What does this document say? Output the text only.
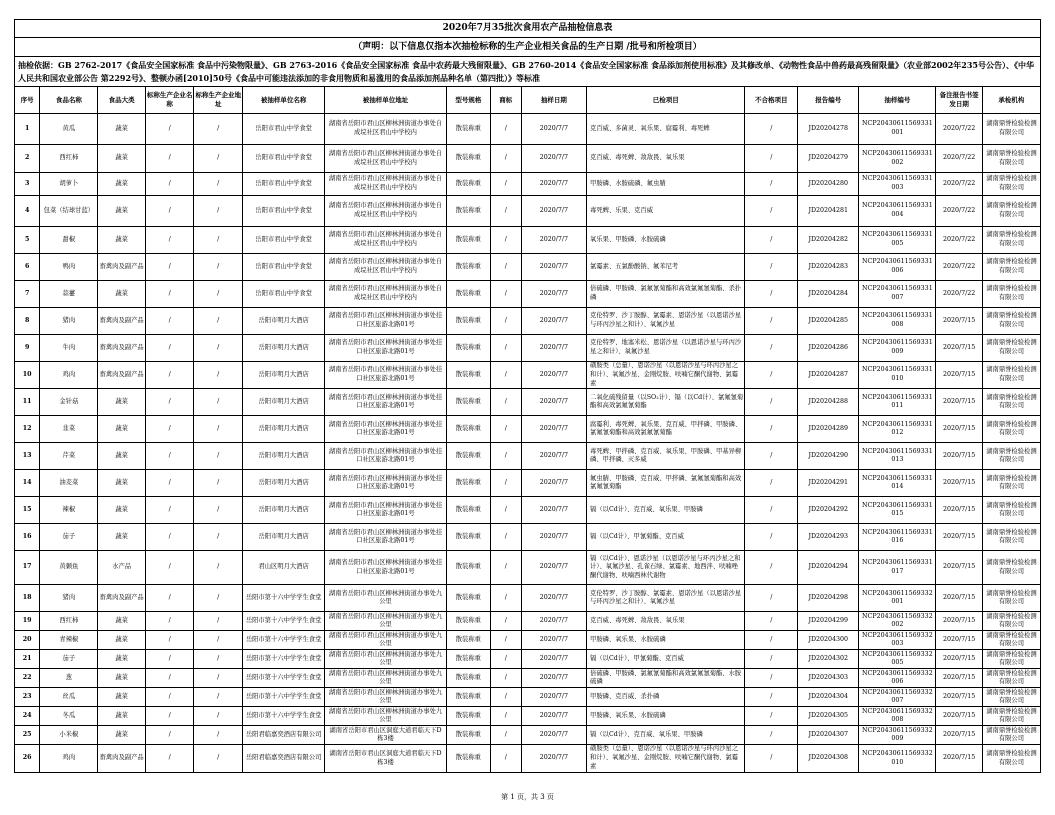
2020年7月35批次食用农产品抽检信息表
（声明：以下信息仅指本次抽检标称的生产企业相关食品的生产日期 /批号和所检项目）
抽检依据：GB 2762-2017《食品安全国家标准 食品中污染物限量》、GB 2763-2016《食品安全国家标准 食品中农药最大残留限量》、GB 2760-2014《食品安全国家标准 食品添加剂使用标准》及其修改单、《动物性食品中兽药最高残留限量》（农业部2002年235号公告）、《中华人民共和国农业部公告 第2292号》、整顿办函[2010]50号《食品中可能违法添加的非食用物质和易滥用的食品添加剂品种名单（第四批）》等标准
序号	食品名称	食品大类	标称生产企业名称	标称生产企业地址	被抽样单位名称	被抽样单位地址	型号规格	商标	抽样日期	已检项目	不合格项目	报告编号	抽样编号	备注报告书签发日期	承检机构
1	黄瓜	蔬菜	/	/	岳阳市君山中学食堂	湖南省岳阳市君山区柳林洲街道办事处自成垸社区君山中学校内	散装称重	/	2020/7/7	克百威、多菌灵、氧乐果、腐霉利、毒死蜱	/	JD20204278	NCP20430611569331001	2020/7/22	湖南鼎誉检验检测有限公司
2	西红柿	蔬菜	/	/	岳阳市君山中学食堂	湖南省岳阳市君山区柳林洲街道办事处自成垸社区君山中学校内	散装称重	/	2020/7/7	克百威、毒死蜱、敌敌畏、氧乐果	/	JD20204279	NCP20430611569331002	2020/7/22	湖南鼎誉检验检测有限公司
3	胡萝卜	蔬菜	/	/	岳阳市君山中学食堂	湖南省岳阳市君山区柳林洲街道办事处自成垸社区君山中学校内	散装称重	/	2020/7/7	甲胺磷、水胺硫磷、氟虫腈	/	JD20204280	NCP20430611569331003	2020/7/22	湖南鼎誉检验检测有限公司
4	包菜（结球甘蓝）	蔬菜	/	/	岳阳市君山中学食堂	湖南省岳阳市君山区柳林洲街道办事处自成垸社区君山中学校内	散装称重	/	2020/7/7	毒死蜱、乐果、克百威	/	JD20204281	NCP20430611569331004	2020/7/22	湖南鼎誉检验检测有限公司
5	甜椒	蔬菜	/	/	岳阳市君山中学食堂	湖南省岳阳市君山区柳林洲街道办事处自成垸社区君山中学校内	散装称重	/	2020/7/7	氧乐果、甲胺磷、水胺硫磷	/	JD20204282	NCP20430611569331005	2020/7/22	湖南鼎誉检验检测有限公司
6	鸭肉	畜禽肉及副产品	/	/	岳阳市君山中学食堂	湖南省岳阳市君山区柳林洲街道办事处自成垸社区君山中学校内	散装称重	/	2020/7/7	氯霉素、五氯酚酸钠、氟苯尼考	/	JD20204283	NCP20430611569331006	2020/7/22	湖南鼎誉检验检测有限公司
7	蒜薹	蔬菜	/	/	岳阳市君山中学食堂	湖南省岳阳市君山区柳林洲街道办事处自成垸社区君山中学校内	散装称重	/	2020/7/7	倍硫磷、甲胺磷、氯氟氰菊酯和高效氯氟氰菊酯、杀扑磷	/	JD20204284	NCP20430611569331007	2020/7/22	湖南鼎誉检验检测有限公司
8	猪肉	畜禽肉及副产品	/	/	岳阳市明月大酒店	湖南省岳阳市君山区柳林洲街道办事处挂口社区旅游北路01号	散装称重	/	2020/7/7	克伦特罗、沙丁胺醇、氯霉素、恩诺沙星（以恩诺沙星与环丙沙星之和计）、氧氟沙星	/	JD20204285	NCP20430611569331008	2020/7/15	湖南鼎誉检验检测有限公司
9	牛肉	畜禽肉及副产品	/	/	岳阳市明月大酒店	湖南省岳阳市君山区柳林洲街道办事处挂口社区旅游北路01号	散装称重	/	2020/7/7	克伦特罗、地塞米松、恩诺沙星（以恩诺沙星与环丙沙星之和计）、氧氟沙星	/	JD20204286	NCP20430611569331009	2020/7/15	湖南鼎誉检验检测有限公司
10	鸡肉	畜禽肉及副产品	/	/	岳阳市明月大酒店	湖南省岳阳市君山区柳林洲街道办事处挂口社区旅游北路01号	散装称重	/	2020/7/7	磺胺类（总量）、恩诺沙星（以恩诺沙星与环丙沙星之和计）、氧氟沙星、金刚烷胺、呋喃它酮代谢物、氯霉素	/	JD20204287	NCP20430611569331010	2020/7/15	湖南鼎誉检验检测有限公司
11	金针菇	蔬菜	/	/	岳阳市明月大酒店	湖南省岳阳市君山区柳林洲街道办事处挂口社区旅游北路01号	散装称重	/	2020/7/7	二氧化硫残留量（以SO₂计）、镉（以Cd计）、氯氟氰菊酯和高效氯氟氰菊酯	/	JD20204288	NCP20430611569331011	2020/7/15	湖南鼎誉检验检测有限公司
12	韭菜	蔬菜	/	/	岳阳市明月大酒店	湖南省岳阳市君山区柳林洲街道办事处挂口社区旅游北路01号	散装称重	/	2020/7/7	腐霉利、毒死蜱、氧乐果、克百威、甲拌磷、甲胺磷、氯氟氰菊酯和高效氯氟氰菊酯	/	JD20204289	NCP20430611569331012	2020/7/15	湖南鼎誉检验检测有限公司
13	芹菜	蔬菜	/	/	岳阳市明月大酒店	湖南省岳阳市君山区柳林洲街道办事处挂口社区旅游北路01号	散装称重	/	2020/7/7	毒死蜱、甲拌磷、克百威、氧乐果、甲胺磷、甲基异柳磷、甲拌磷、灭多威	/	JD20204290	NCP20430611569331013	2020/7/15	湖南鼎誉检验检测有限公司
14	油麦菜	蔬菜	/	/	岳阳市明月大酒店	湖南省岳阳市君山区柳林洲街道办事处挂口社区旅游北路01号	散装称重	/	2020/7/7	氟虫腈、甲胺磷、克百威、甲拌磷、氯氟氰菊酯和高效氯氟氰菊酯	/	JD20204291	NCP20430611569331014	2020/7/15	湖南鼎誉检验检测有限公司
15	辣椒	蔬菜	/	/	岳阳市明月大酒店	湖南省岳阳市君山区柳林洲街道办事处挂口社区旅游北路01号	散装称重	/	2020/7/7	镉（以Cd计）、克百威、氧乐果、甲胺磷	/	JD20204292	NCP20430611569331015	2020/7/15	湖南鼎誉检验检测有限公司
16	茄子	蔬菜	/	/	岳阳市明月大酒店	湖南省岳阳市君山区柳林洲街道办事处挂口社区旅游北路01号	散装称重	/	2020/7/7	镉（以Cd计）、甲氰菊酯、克百威	/	JD20204293	NCP20430611569331016	2020/7/15	湖南鼎誉检验检测有限公司
17	黄颡鱼	水产品	/	/	君山区明月大酒店	湖南省岳阳市君山区柳林洲街道办事处挂口社区旅游北路01号	散装称重	/	2020/7/7	镉（以Cd计）、恩诺沙星（以恩诺沙星与环丙沙星之和计）、氧氟沙星、孔雀石绿、氯霉素、地西泮、呋喃唑酮代谢物、呋喃西林代谢物	/	JD20204294	NCP20430611569331017	2020/7/15	湖南鼎誉检验检测有限公司
18	猪肉	畜禽肉及副产品	/	/	岳阳市第十六中学学生食堂	湖南省岳阳市君山区柳林洲街道办事处九公里	散装称重	/	2020/7/7	克伦特罗、沙丁胺醇、氯霉素、恩诺沙星（以恩诺沙星与环丙沙星之和计）、氧氟沙星	/	JD20204298	NCP20430611569332001	2020/7/15	湖南鼎誉检验检测有限公司
19	西红柿	蔬菜	/	/	岳阳市第十六中学学生食堂	湖南省岳阳市君山区柳林洲街道办事处九公里	散装称重	/	2020/7/7	克百威、毒死蜱、敌敌畏、氧乐果	/	JD20204299	NCP20430611569332002	2020/7/15	湖南鼎誉检验检测有限公司
20	青辣椒	蔬菜	/	/	岳阳市第十六中学学生食堂	湖南省岳阳市君山区柳林洲街道办事处九公里	散装称重	/	2020/7/7	甲胺磷、氧乐果、水胺硫磷	/	JD20204300	NCP20430611569332003	2020/7/15	湖南鼎誉检验检测有限公司
21	茄子	蔬菜	/	/	岳阳市第十六中学学生食堂	湖南省岳阳市君山区柳林洲街道办事处九公里	散装称重	/	2020/7/7	镉（以Cd计）、甲氰菊酯、克百威	/	JD20204302	NCP20430611569332005	2020/7/15	湖南鼎誉检验检测有限公司
22	葱	蔬菜	/	/	岳阳市第十六中学学生食堂	湖南省岳阳市君山区柳林洲街道办事处九公里	散装称重	/	2020/7/7	倍硫磷、甲胺磷、氯氟氰菊酯和高效氯氟氰菊酯、水胺硫磷	/	JD20204303	NCP20430611569332006	2020/7/15	湖南鼎誉检验检测有限公司
23	丝瓜	蔬菜	/	/	岳阳市第十六中学学生食堂	湖南省岳阳市君山区柳林洲街道办事处九公里	散装称重	/	2020/7/7	甲胺磷、克百威、杀扑磷	/	JD20204304	NCP20430611569332007	2020/7/15	湖南鼎誉检验检测有限公司
24	冬瓜	蔬菜	/	/	岳阳市第十六中学学生食堂	湖南省岳阳市君山区柳林洲街道办事处九公里	散装称重	/	2020/7/7	甲胺磷、氧乐果、水胺硫磷	/	JD20204305	NCP20430611569332008	2020/7/15	湖南鼎誉检验检测有限公司
25	小米椒	蔬菜	/	/	岳阳君临嘉奕酒店有限公司	湖南省岳阳市君山区洞庭大道君临天下D栋3楼	散装称重	/	2020/7/7	镉（以Cd计）、克百威、氧乐果、甲胺磷	/	JD20204307	NCP20430611569332009	2020/7/15	湖南鼎誉检验检测有限公司
26	鸡肉	畜禽肉及副产品	/	/	岳阳君临嘉奕酒店有限公司	湖南省岳阳市君山区洞庭大道君临天下D栋3楼	散装称重	/	2020/7/7	磺胺类（总量）、恩诺沙星（以恩诺沙星与环丙沙星之和计）、氧氟沙星、金刚烷胺、呋喃它酮代谢物、氯霉素	/	JD20204308	NCP20430611569332010	2020/7/15	湖南鼎誉检验检测有限公司
第 1 页，共 3 页
